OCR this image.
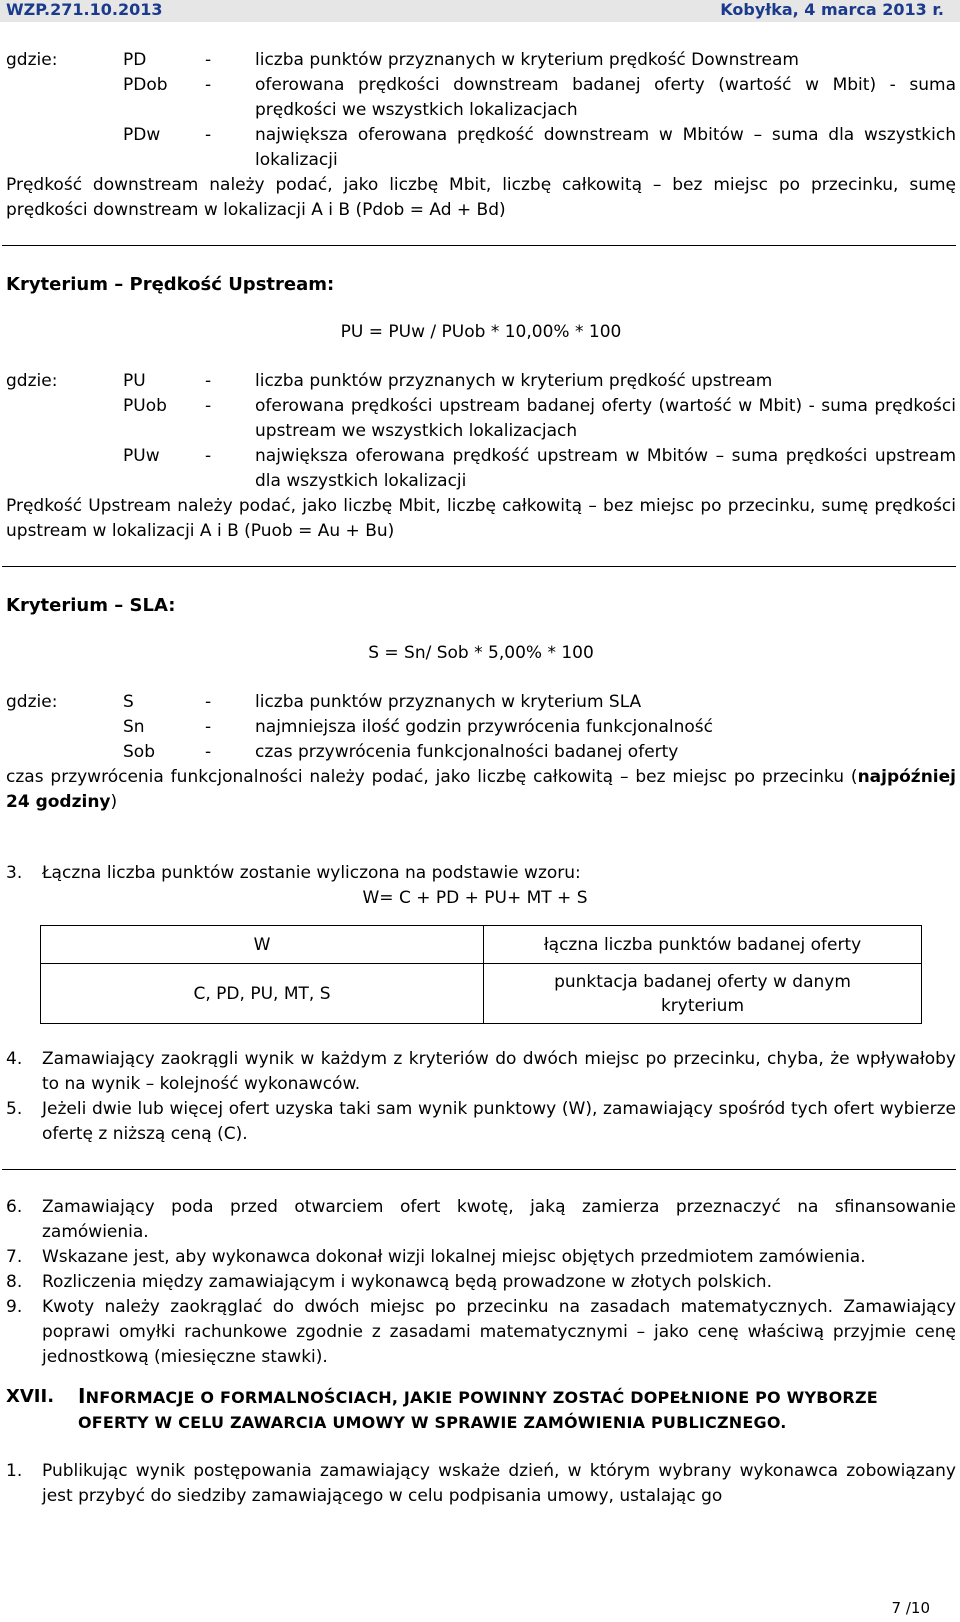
WZP.271.10.2013	Kobyłka, 4 marca 2013 r.
gdzie:	PD	-	liczba punktów przyznanych w kryterium prędkość Downstream
PDob	-	oferowana prędkości downstream badanej oferty (wartość w Mbit) - suma prędkości we wszystkich lokalizacjach
PDw	-	największa oferowana prędkość downstream w Mbitów – suma dla wszystkich lokalizacji

Prędkość downstream należy podać, jako liczbę Mbit, liczbę całkowitą – bez miejsc po przecinku, sumę prędkości downstream w lokalizacji A i B (Pdob = Ad + Bd)

Kryterium – Prędkość Upstream:
PU = PUw / PUob * 10,00% * 100
gdzie:	PU	-	liczba punktów przyznanych w kryterium prędkość upstream
PUob	-	oferowana prędkości upstream badanej oferty (wartość w Mbit) - suma prędkości upstream we wszystkich lokalizacjach
PUw	-	największa oferowana prędkość upstream w Mbitów – suma prędkości upstream dla wszystkich lokalizacji

Prędkość Upstream należy podać, jako liczbę Mbit, liczbę całkowitą – bez miejsc po przecinku, sumę prędkości upstream w lokalizacji A i B (Puob = Au + Bu)

Kryterium – SLA:
S = Sn/ Sob * 5,00% * 100
gdzie:	S	-	liczba punktów przyznanych w kryterium SLA
Sn	-	najmniejsza ilość godzin przywrócenia funkcjonalność
Sob	-	czas przywrócenia funkcjonalności badanej oferty

czas przywrócenia funkcjonalności należy podać, jako liczbę całkowitą – bez miejsc po przecinku (najpóźniej 24 godziny)

3.	Łączna liczba punktów zostanie wyliczona na podstawie wzoru:
W= C + PD + PU+ MT + S
W	łączna liczba punktów badanej oferty
C, PD, PU, MT, S	punktacja badanej oferty w danym kryterium
4.	Zamawiający zaokrągli wynik w każdym z kryteriów do dwóch miejsc po przecinku, chyba, że wpływałoby to na wynik – kolejność wykonawców.
5.	Jeżeli dwie lub więcej ofert uzyska taki sam wynik punktowy (W), zamawiający spośród tych ofert wybierze ofertę z niższą ceną (C).
6.	Zamawiający poda przed otwarciem ofert kwotę, jaką zamierza przeznaczyć na sfinansowanie zamówienia.
7.	Wskazane jest, aby wykonawca dokonał wizji lokalnej miejsc objętych przedmiotem zamówienia.
8.	Rozliczenia między zamawiającym i wykonawcą będą prowadzone w złotych polskich.
9.	Kwoty należy zaokrąglać do dwóch miejsc po przecinku na zasadach matematycznych. Zamawiający poprawi omyłki rachunkowe zgodnie z zasadami matematycznymi – jako cenę właściwą przyjmie cenę jednostkową (miesięczne stawki).
XVII.	INFORMACJE O FORMALNOŚCIACH, JAKIE POWINNY ZOSTAĆ DOPEŁNIONE PO WYBORZE
OFERTY W CELU ZAWARCIA UMOWY W SPRAWIE ZAMÓWIENIA PUBLICZNEGO.
1.	Publikując wynik postępowania zamawiający wskaże dzień, w którym wybrany wykonawca zobowiązany jest przybyć do siedziby zamawiającego w celu podpisania umowy, ustalając go
7 /10
